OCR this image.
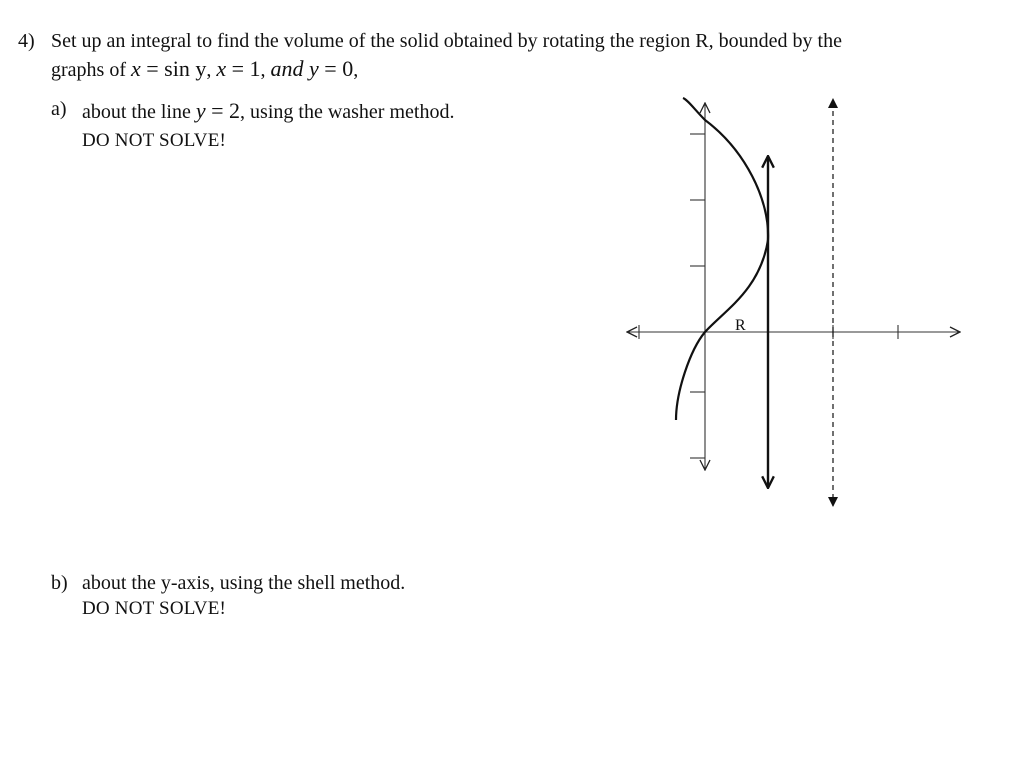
4) Set up an integral to find the volume of the solid obtained by rotating the region R, bounded by the
graphs of x = sin y, x = 1, and y = 0,
a) about the line y = 2, using the washer method.
DO NOT SOLVE!
b) about the y-axis, using the shell method.
DO NOT SOLVE!
R
